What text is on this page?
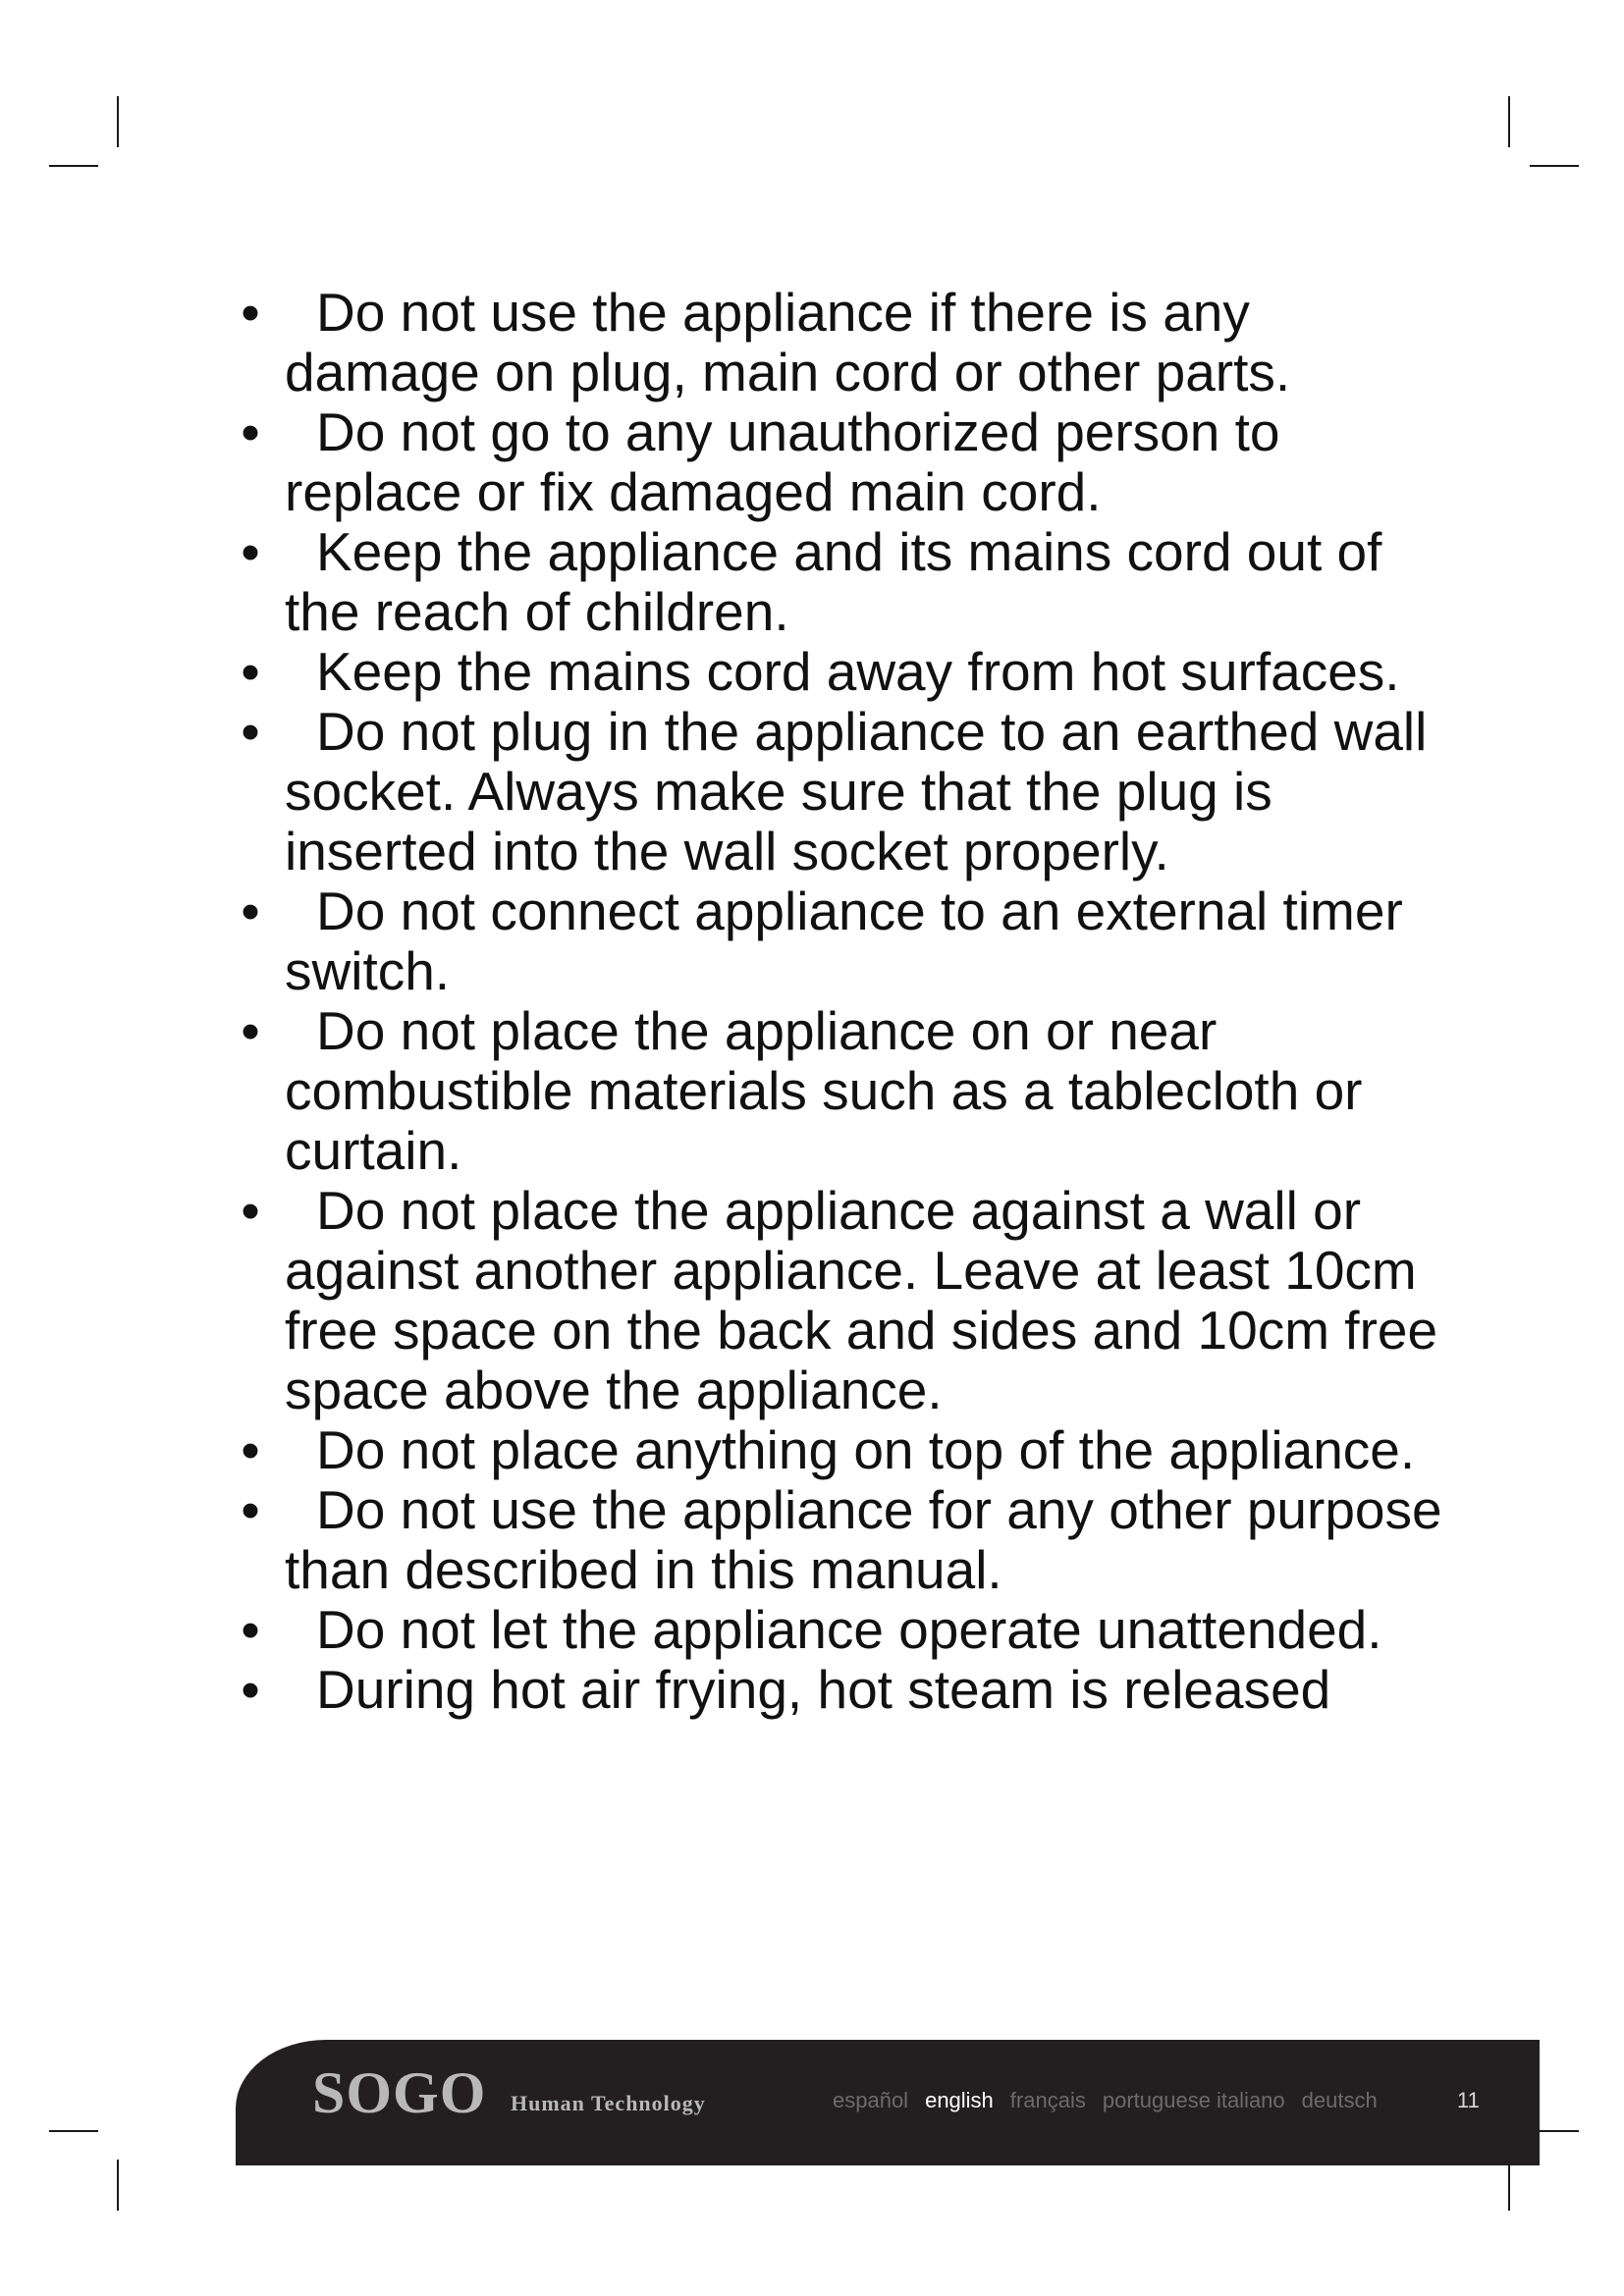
•	Do not use the appliance if there is any damage on plug, main cord or other parts.
•	Do not go to any unauthorized person to replace or fix damaged main cord.
•	Keep the appliance and its mains cord out of the reach of children.
•	Keep the mains cord away from hot surfaces.
•	Do not plug in the appliance to an earthed wall socket. Always make sure that the plug is inserted into the wall socket properly.
•	Do not connect appliance to an external timer switch.
•	Do not place the appliance on or near combustible materials such as a tablecloth or curtain.
•	Do not place the appliance against a wall or against another appliance. Leave at least 10cm free space on the back and sides and 10cm free space above the appliance.
•	Do not place anything on top of the appliance.
•	Do not use the appliance for any other purpose than described in this manual.
•	Do not let the appliance operate unattended.
•	During hot air frying, hot steam is released
SOGO Human Technology	español english français portuguese italiano deutsch	11
